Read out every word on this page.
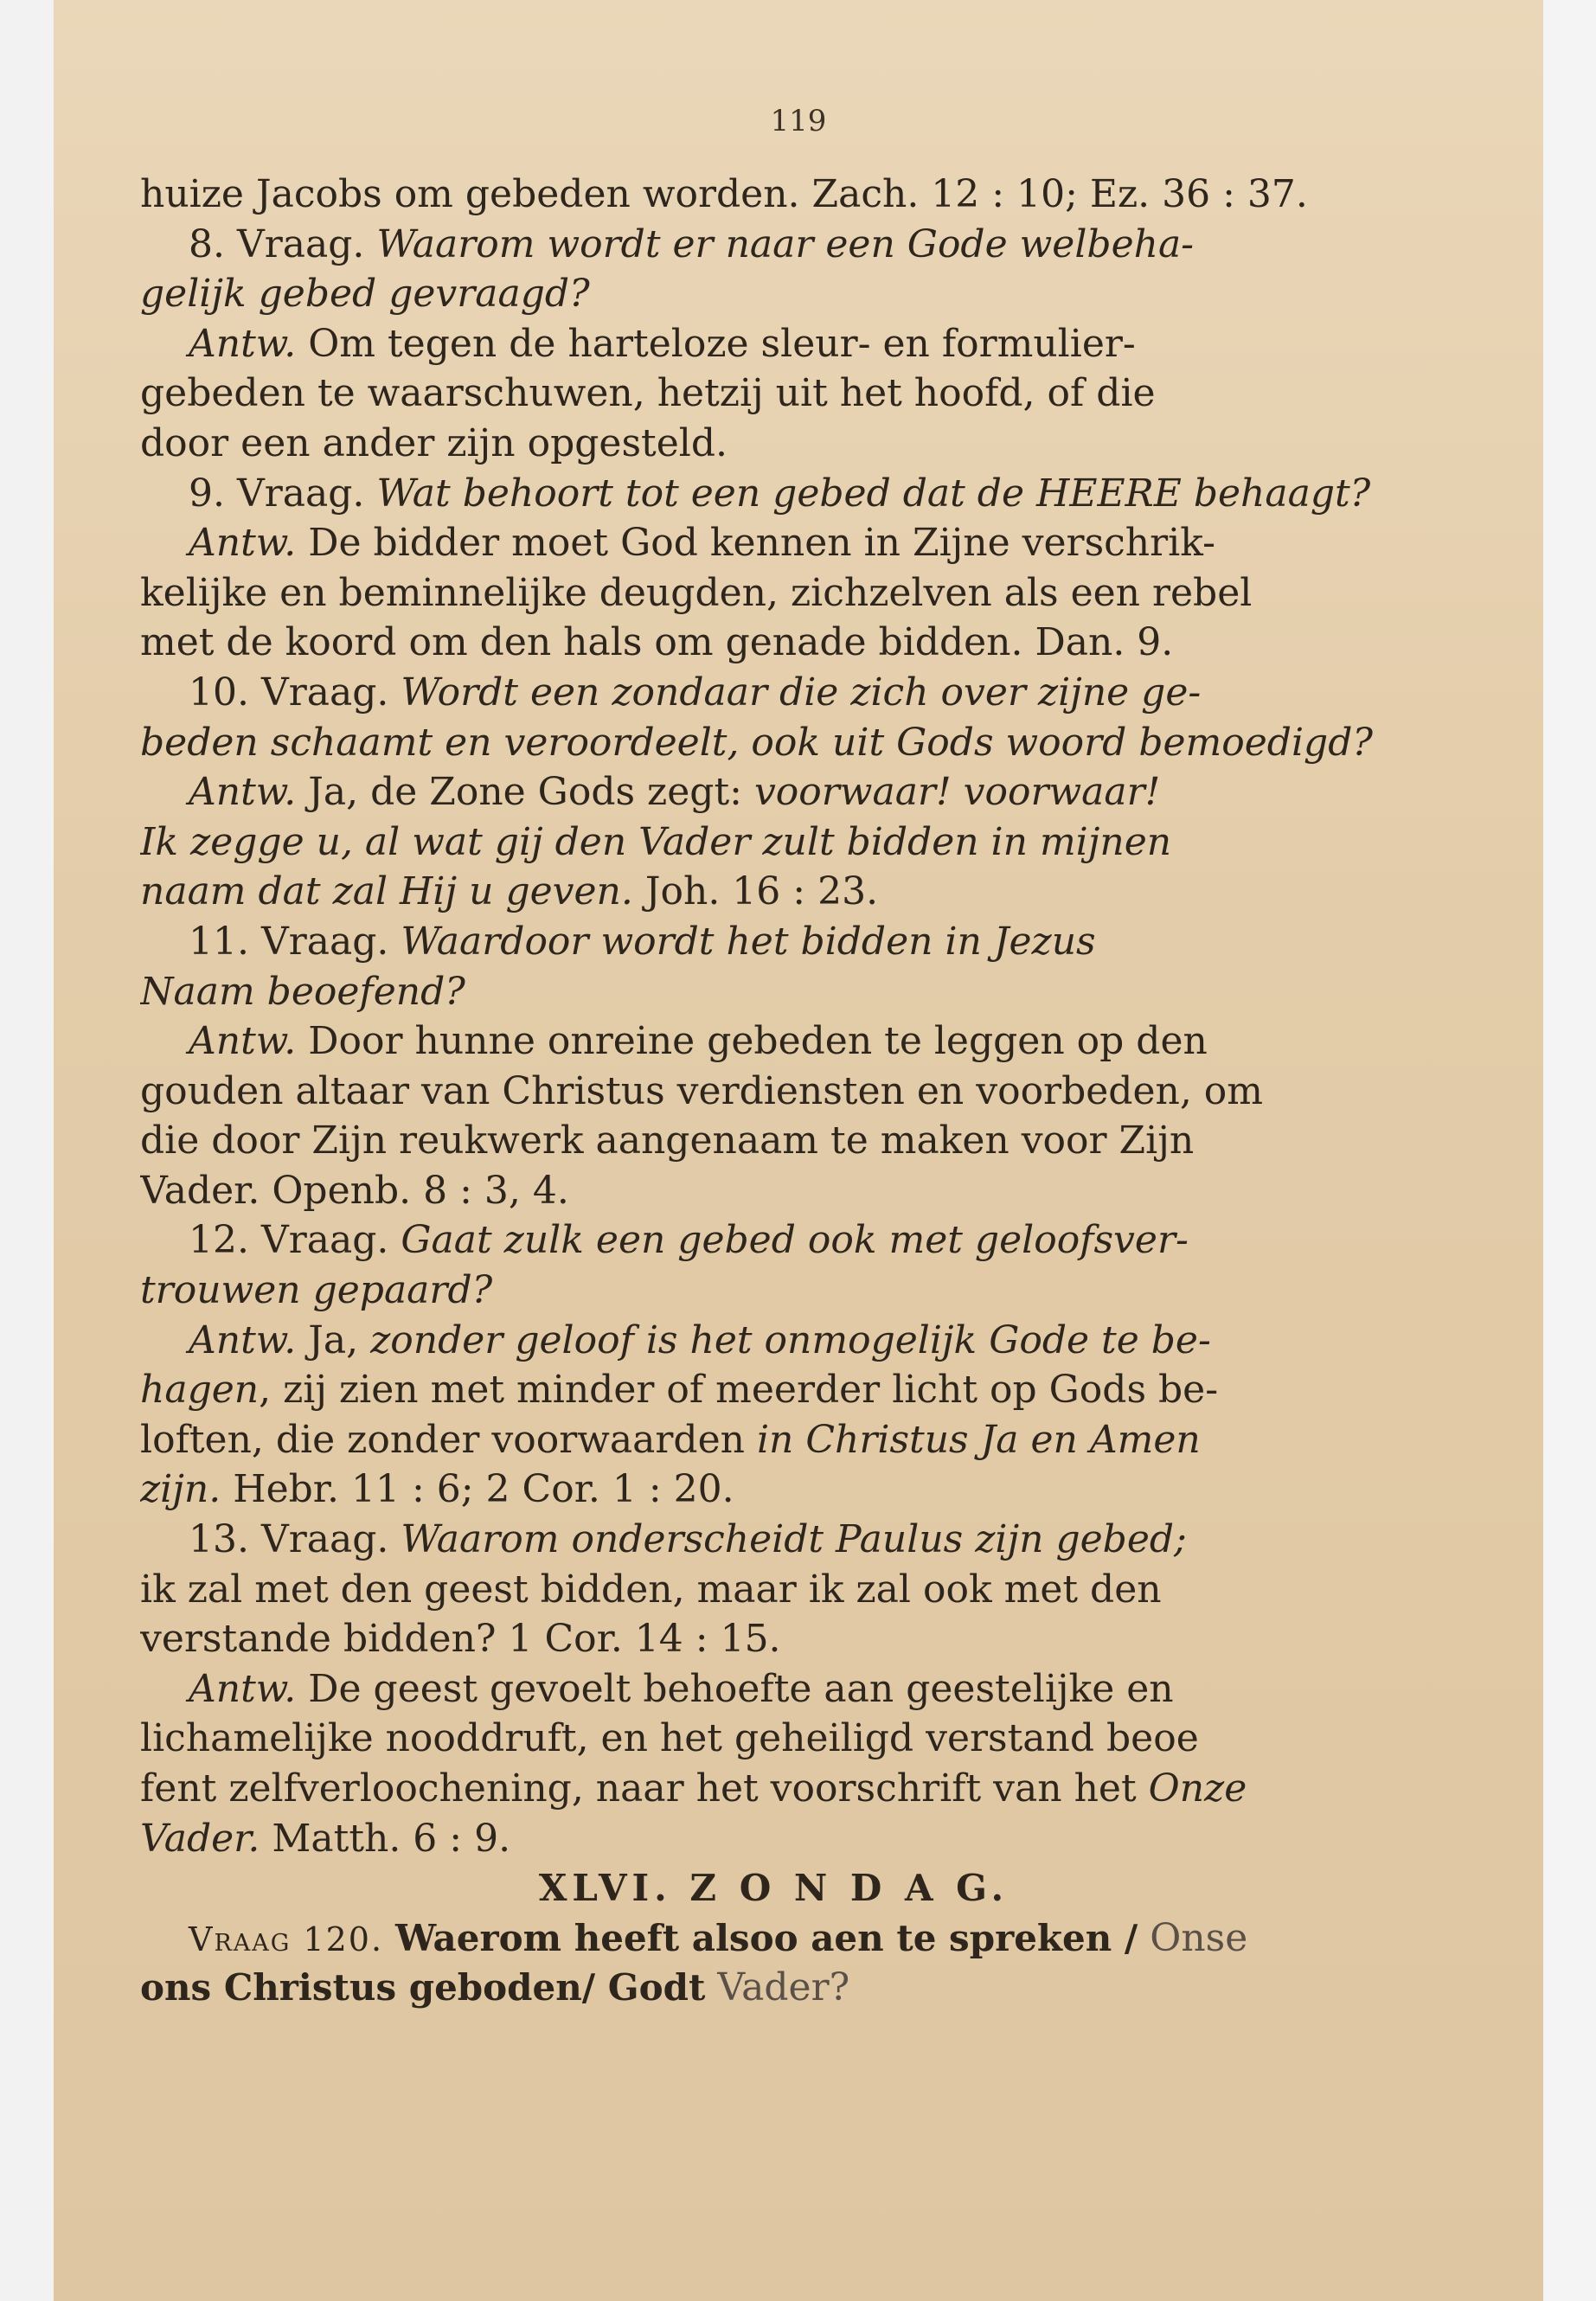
119
huize Jacobs om gebeden worden. Zach. 12 : 10; Ez. 36 : 37.
8. Vraag. Waarom wordt er naar een Gode welbeha-
gelijk gebed gevraagd?
Antw. Om tegen de harteloze sleur- en formulier-
gebeden te waarschuwen, hetzij uit het hoofd, of die
door een ander zijn opgesteld.
9. Vraag. Wat behoort tot een gebed dat de HEERE behaagt?
Antw. De bidder moet God kennen in Zijne verschrik-
kelijke en beminnelijke deugden, zichzelven als een rebel
met de koord om den hals om genade bidden. Dan. 9.
10. Vraag. Wordt een zondaar die zich over zijne ge-
beden schaamt en veroordeelt, ook uit Gods woord bemoedigd?
Antw. Ja, de Zone Gods zegt: voorwaar! voorwaar!
Ik zegge u, al wat gij den Vader zult bidden in mijnen
naam dat zal Hij u geven. Joh. 16 : 23.
11. Vraag. Waardoor wordt het bidden in Jezus
Naam beoefend?
Antw. Door hunne onreine gebeden te leggen op den
gouden altaar van Christus verdiensten en voorbeden, om
die door Zijn reukwerk aangenaam te maken voor Zijn
Vader. Openb. 8 : 3, 4.
12. Vraag. Gaat zulk een gebed ook met geloofsver-
trouwen gepaard?
Antw. Ja, zonder geloof is het onmogelijk Gode te be-
hagen, zij zien met minder of meerder licht op Gods be-
loften, die zonder voorwaarden in Christus Ja en Amen
zijn. Hebr. 11 : 6; 2 Cor. 1 : 20.
13. Vraag. Waarom onderscheidt Paulus zijn gebed;
ik zal met den geest bidden, maar ik zal ook met den
verstande bidden? 1 Cor. 14 : 15.
Antw. De geest gevoelt behoefte aan geestelijke en
lichamelijke nooddruft, en het geheiligd verstand beoe
fent zelfverloochening, naar het voorschrift van het Onze
Vader. Matth. 6 : 9.
XLVI. Z O N D A G.
Vraag 120. Waerom heeft alsoo aen te spreken / Onse
ons Christus geboden/ Godt Vader?
